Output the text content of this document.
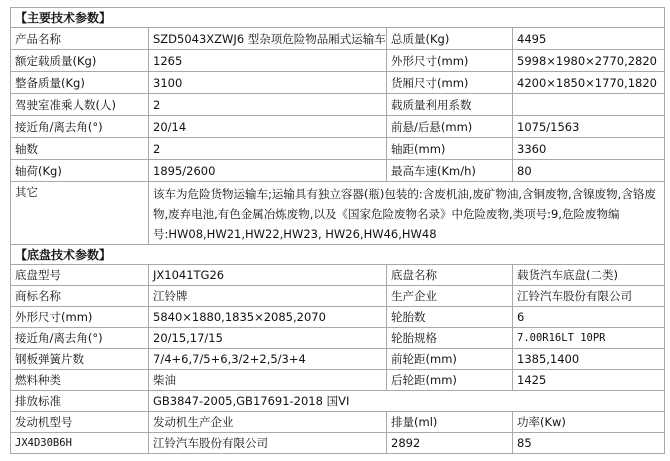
【主要技术参数】			
产品名称	SZD5043XZWJ6 型杂项危险物品厢式运输车	总质量(Kg)	4495
额定载质量(Kg)	1265	外形尺寸(mm)	5998×1980×2770,2820
整备质量(Kg)	3100	货厢尺寸(mm)	4200×1850×1770,1820
驾驶室准乘人数(人)	2	载质量利用系数	
接近角/离去角(°)	20/14	前悬/后悬(mm)	1075/1563
轴数	2	轴距(mm)	3360
轴荷(Kg)	1895/2600	最高车速(Km/h)	80
其它	该车为危险货物运输车;运输具有独立容器(瓶)包装的:含废机油,废矿物油,含铜废物,含镍废物,含铬废物,废弃电池,有色金属冶炼废物,以及《国家危险废物名录》中危险废物,类项号:9,危险废物编号:HW08,HW21,HW22,HW23, HW26,HW46,HW48		
【底盘技术参数】			
底盘型号	JX1041TG26	底盘名称	载货汽车底盘(二类)
商标名称	江铃牌	生产企业	江铃汽车股份有限公司
外形尺寸(mm)	5840×1880,1835×2085,2070	轮胎数	6
接近角/离去角(°)	20/15,17/15	轮胎规格	7.00R16LT 10PR
钢板弹簧片数	7/4+6,7/5+6,3/2+2,5/3+4	前轮距(mm)	1385,1400
燃料种类	柴油	后轮距(mm)	1425
排放标准	GB3847-2005,GB17691-2018 国VI		
发动机型号	发动机生产企业	排量(ml)	功率(Kw)
JX4D30B6H	江铃汽车股份有限公司	2892	85
